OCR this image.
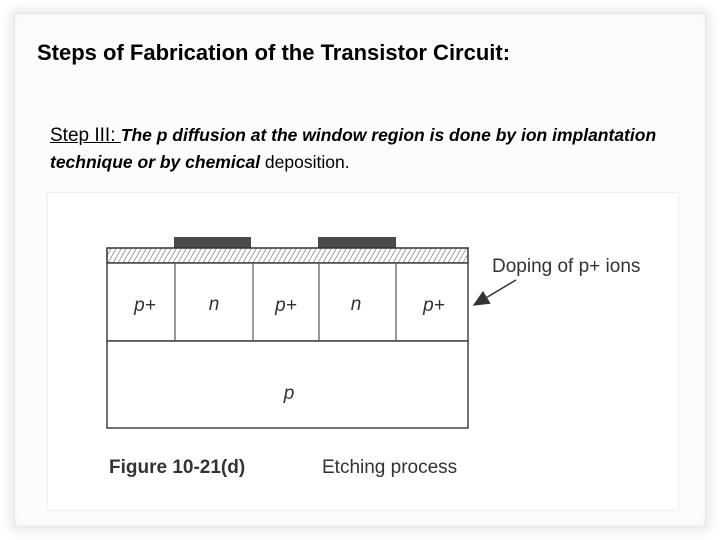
Steps of Fabrication of the Transistor Circuit:

Step III: The p diffusion at the window region is done by ion implantation technique or by chemical deposition.

p+	n	p+	n	p+
p
Doping of p+ ions
Figure 10-21(d)	Etching process
